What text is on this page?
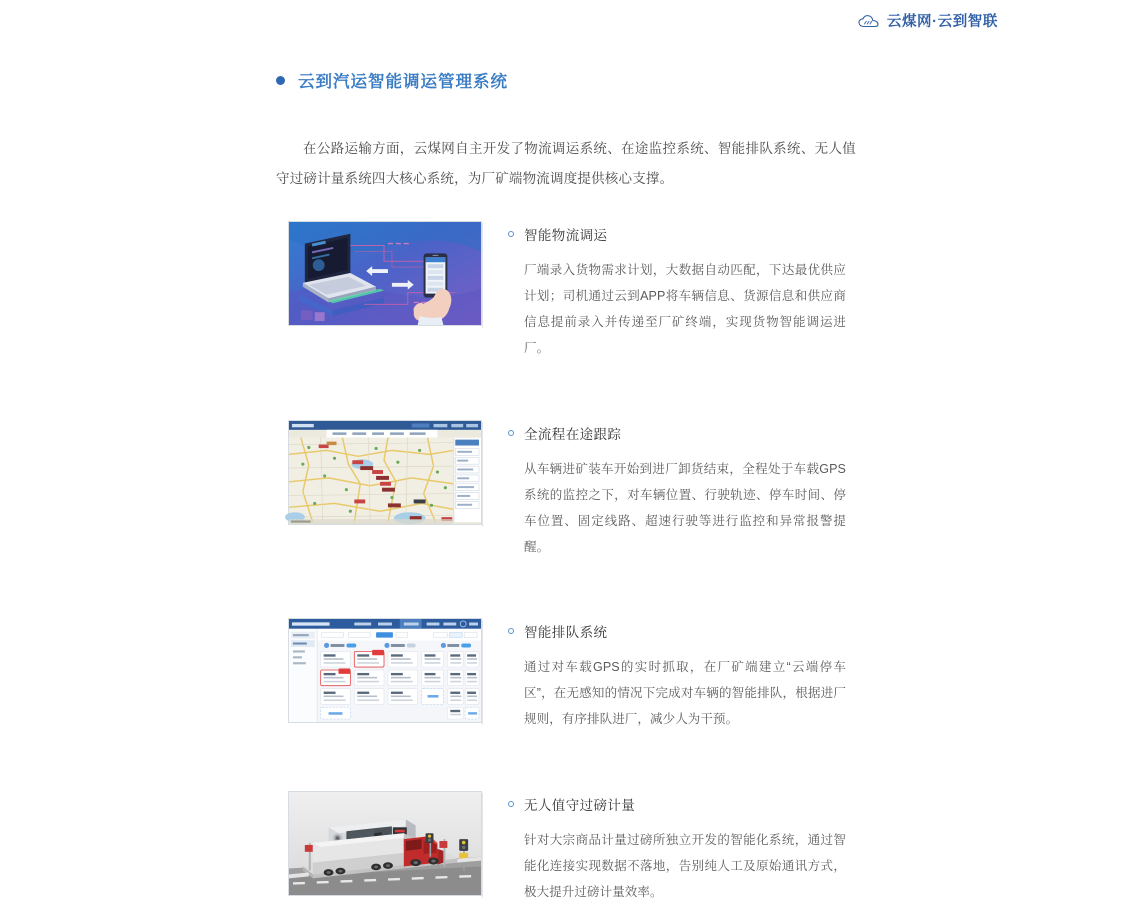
云煤网·云到智联
云到汽运智能调运管理系统

在公路运输方面，云煤网自主开发了物流调运系统、在途监控系统、智能排队系统、无人值守过磅计量系统四大核心系统，为厂矿端物流调度提供核心支撑。

智能物流调运

厂端录入货物需求计划，大数据自动匹配，下达最优供应计划；司机通过云到APP将车辆信息、货源信息和供应商信息提前录入并传递至厂矿终端，实现货物智能调运进厂。

全流程在途跟踪

从车辆进矿装车开始到进厂卸货结束，全程处于车载GPS系统的监控之下，对车辆位置、行驶轨迹、停车时间、停车位置、固定线路、超速行驶等进行监控和异常报警提醒。

智能排队系统

通过对车载GPS的实时抓取，在厂矿端建立“云端停车区”，在无感知的情况下完成对车辆的智能排队，根据进厂规则，有序排队进厂，减少人为干预。

无人值守过磅计量

针对大宗商品计量过磅所独立开发的智能化系统，通过智能化连接实现数据不落地，告别纯人工及原始通讯方式，极大提升过磅计量效率。
